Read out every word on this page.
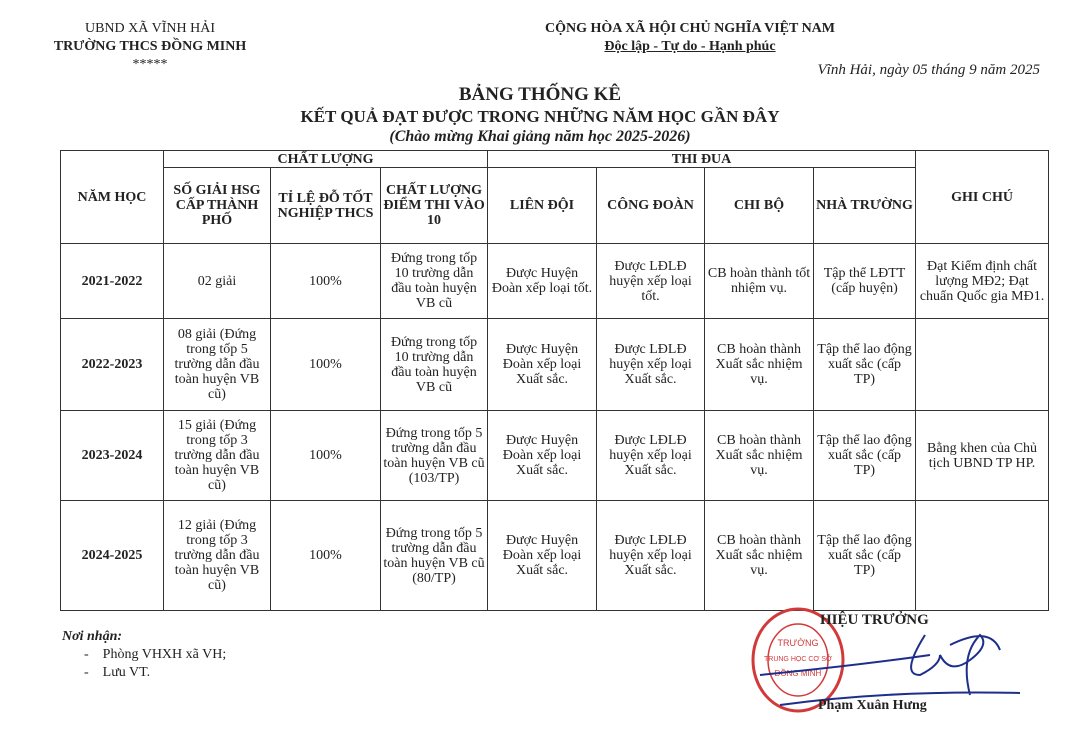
UBND XÃ VĨNH HẢI
TRƯỜNG THCS ĐỒNG MINH
*****
CỘNG HÒA XÃ HỘI CHỦ NGHĨA VIỆT NAM
Độc lập - Tự do - Hạnh phúc
Vĩnh Hải, ngày 05 tháng 9 năm 2025
BẢNG THỐNG KÊ
KẾT QUẢ ĐẠT ĐƯỢC TRONG NHỮNG NĂM HỌC GẦN ĐÂY
(Chào mừng Khai giảng năm học 2025-2026)
NĂM HỌC	CHẤT LƯỢNG			THI ĐUA				GHI CHÚ
	SỐ GIẢI HSG CẤP THÀNH PHỐ	TỈ LỆ ĐỖ TỐT NGHIỆP THCS	CHẤT LƯỢNG ĐIỂM THI VÀO 10	LIÊN ĐỘI	CÔNG ĐOÀN	CHI BỘ	NHÀ TRƯỜNG	
2021-2022	02 giải	100%	Đứng trong tốp 10 trường dẫn đầu toàn huyện VB cũ	Được Huyện Đoàn xếp loại tốt.	Được LĐLĐ huyện xếp loại tốt.	CB hoàn thành tốt nhiệm vụ.	Tập thể LĐTT (cấp huyện)	Đạt Kiểm định chất lượng MĐ2; Đạt chuẩn Quốc gia MĐ1.
2022-2023	08 giải (Đứng trong tốp 5 trường dẫn đầu toàn huyện VB cũ)	100%	Đứng trong tốp 10 trường dẫn đầu toàn huyện VB cũ	Được Huyện Đoàn xếp loại Xuất sắc.	Được LĐLĐ huyện xếp loại Xuất sắc.	CB hoàn thành Xuất sắc nhiệm vụ.	Tập thể lao động xuất sắc (cấp TP)	
2023-2024	15 giải (Đứng trong tốp 3 trường dẫn đầu toàn huyện VB cũ)	100%	Đứng trong tốp 5 trường dẫn đầu toàn huyện VB cũ (103/TP)	Được Huyện Đoàn xếp loại Xuất sắc.	Được LĐLĐ huyện xếp loại Xuất sắc.	CB hoàn thành Xuất sắc nhiệm vụ.	Tập thể lao động xuất sắc (cấp TP)	Bằng khen của Chủ tịch UBND TP HP.
2024-2025	12 giải (Đứng trong tốp 3 trường dẫn đầu toàn huyện VB cũ)	100%	Đứng trong tốp 5 trường dẫn đầu toàn huyện VB cũ (80/TP)	Được Huyện Đoàn xếp loại Xuất sắc.	Được LĐLĐ huyện xếp loại Xuất sắc.	CB hoàn thành Xuất sắc nhiệm vụ.	Tập thể lao động xuất sắc (cấp TP)	
Nơi nhận:
-    Phòng VHXH xã VH;
-    Lưu VT.
TRƯỜNG
TRUNG HỌC CƠ SỞ
ĐỒNG MINH
HIỆU TRƯỞNG
Phạm Xuân Hưng
